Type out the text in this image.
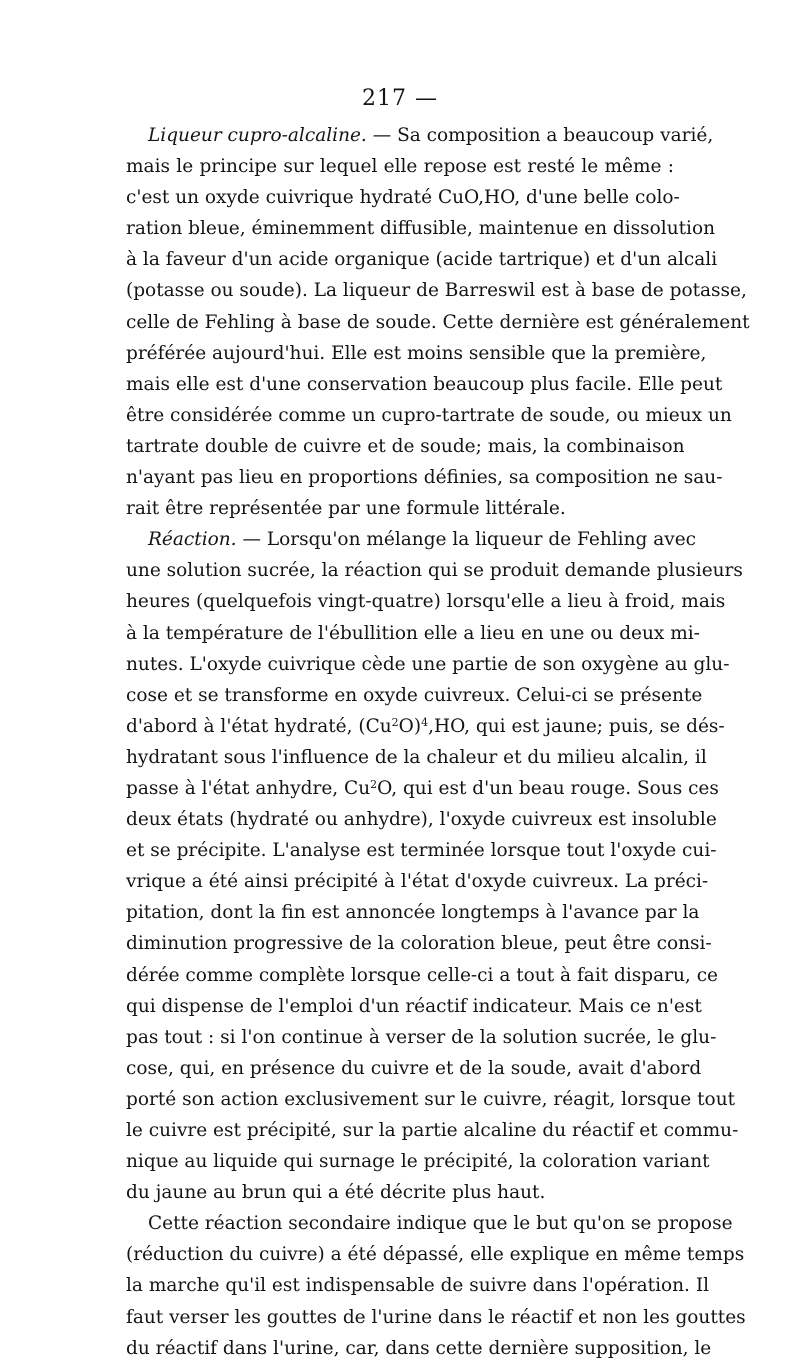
217 —
Liqueur cupro-alcaline. — Sa composition a beaucoup varié,
mais le principe sur lequel elle repose est resté le même :
c'est un oxyde cuivrique hydraté CuO,HO, d'une belle colo-
ration bleue, éminemment diffusible, maintenue en dissolution
à la faveur d'un acide organique (acide tartrique) et d'un alcali
(potasse ou soude). La liqueur de Barreswil est à base de potasse,
celle de Fehling à base de soude. Cette dernière est généralement
préférée aujourd'hui. Elle est moins sensible que la première,
mais elle est d'une conservation beaucoup plus facile. Elle peut
être considérée comme un cupro-tartrate de soude, ou mieux un
tartrate double de cuivre et de soude; mais, la combinaison
n'ayant pas lieu en proportions définies, sa composition ne sau-
rait être représentée par une formule littérale.
Réaction. — Lorsqu'on mélange la liqueur de Fehling avec
une solution sucrée, la réaction qui se produit demande plusieurs
heures (quelquefois vingt-quatre) lorsqu'elle a lieu à froid, mais
à la température de l'ébullition elle a lieu en une ou deux mi-
nutes. L'oxyde cuivrique cède une partie de son oxygène au glu-
cose et se transforme en oxyde cuivreux. Celui-ci se présente
d'abord à l'état hydraté, $(Cu^2O)^4,HO$, qui est jaune; puis, se dés-
hydratant sous l'influence de la chaleur et du milieu alcalin, il
passe à l'état anhydre, Cu$^2$O, qui est d'un beau rouge. Sous ces
deux états (hydraté ou anhydre), l'oxyde cuivreux est insoluble
et se précipite. L'analyse est terminée lorsque tout l'oxyde cui-
vrique a été ainsi précipité à l'état d'oxyde cuivreux. La préci-
pitation, dont la fin est annoncée longtemps à l'avance par la
diminution progressive de la coloration bleue, peut être consi-
dérée comme complète lorsque celle-ci a tout à fait disparu, ce
qui dispense de l'emploi d'un réactif indicateur. Mais ce n'est
pas tout : si l'on continue à verser de la solution sucrée, le glu-
cose, qui, en présence du cuivre et de la soude, avait d'abord
porté son action exclusivement sur le cuivre, réagit, lorsque tout
le cuivre est précipité, sur la partie alcaline du réactif et commu-
nique au liquide qui surnage le précipité, la coloration variant
du jaune au brun qui a été décrite plus haut.
Cette réaction secondaire indique que le but qu'on se propose
(réduction du cuivre) a été dépassé, elle explique en même temps
la marche qu'il est indispensable de suivre dans l'opération. Il
faut verser les gouttes de l'urine dans le réactif et non les gouttes
du réactif dans l'urine, car, dans cette dernière supposition, le
